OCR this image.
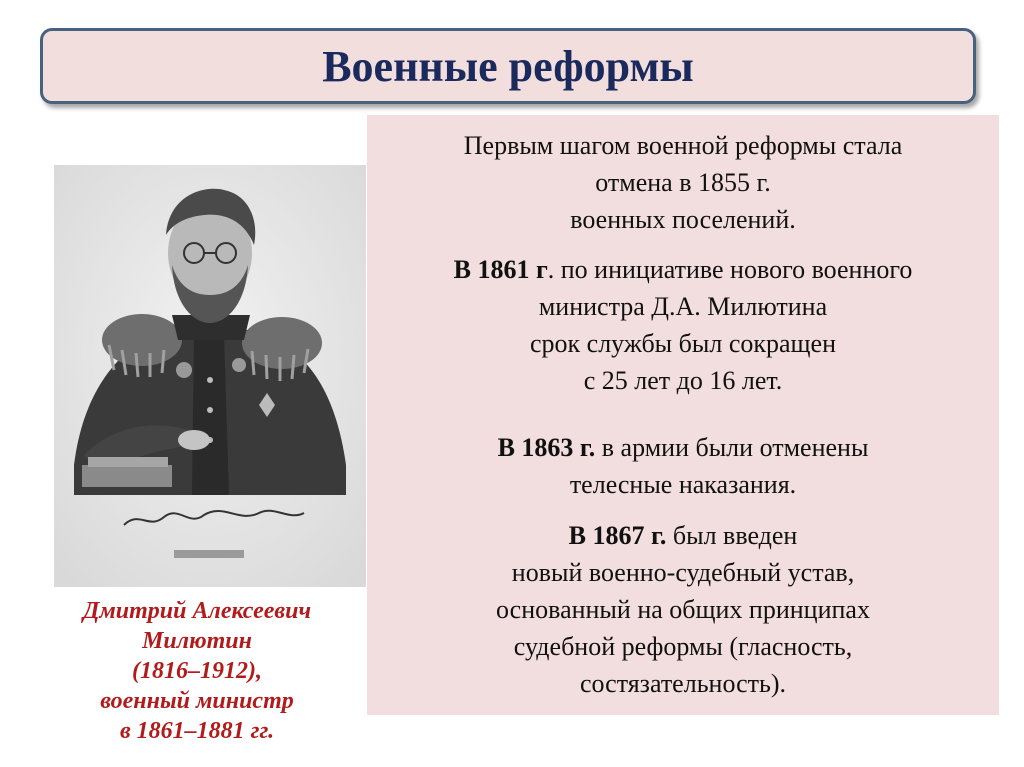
Военные реформы
Дмитрий Алексеевич
Милютин
(1816–1912),
военный министр
в 1861–1881 гг.
Первым шагом военной реформы стала
отмена в 1855 г.
военных поселений.
В 1861 г. по инициативе нового военного
министра Д.А. Милютина
срок службы был сокращен
с 25 лет до 16 лет.
В 1863 г. в армии были отменены
телесные наказания.
В 1867 г. был введен
новый военно-судебный устав,
основанный на общих принципах
судебной реформы (гласность,
состязательность).
